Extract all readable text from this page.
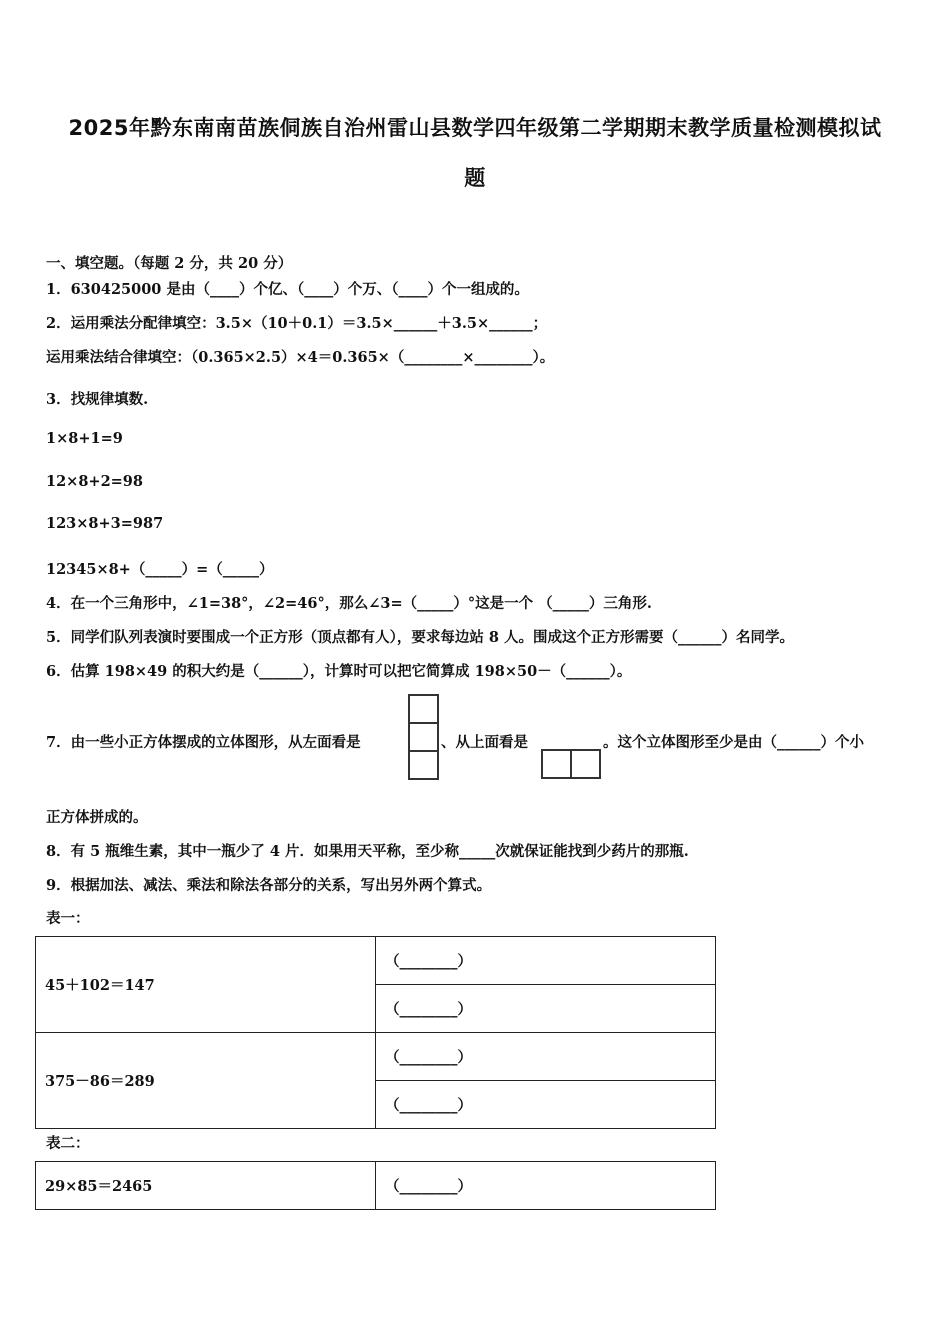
2025年黔东南南苗族侗族自治州雷山县数学四年级第二学期期末教学质量检测模拟试
题
一、填空题。（每题 2 分，共 20 分）
1．630425000 是由（____）个亿、（____）个万、（____）个一组成的。
2．运用乘法分配律填空：3.5×（10＋0.1）＝3.5×______＋3.5×______；
运用乘法结合律填空：（0.365×2.5）×4＝0.365×（________×________）。
3．找规律填数.
1×8+1=9
12×8+2=98
123×8+3=987
12345×8+（_____）=（_____）
4．在一个三角形中，∠1=38°，∠2=46°，那么∠3=（_____）°这是一个 （_____）三角形.
5．同学们队列表演时要围成一个正方形（顶点都有人），要求每边站 8 人。围成这个正方形需要（______）名同学。
6．估算 198×49 的积大约是（______），计算时可以把它简算成 198×50－（______）。
7．由一些小正方体摆成的立体图形，从左面看是	、从上面看是	。这个立体图形至少是由（______）个小
正方体拼成的。
8．有 5 瓶维生素，其中一瓶少了 4 片．如果用天平称，至少称_____次就保证能找到少药片的那瓶.
9．根据加法、减法、乘法和除法各部分的关系，写出另外两个算式。
表一：
45＋102＝147	（________）
	（________）
375－86＝289	（________）
	（________）
表二：
29×85＝2465	（________）
